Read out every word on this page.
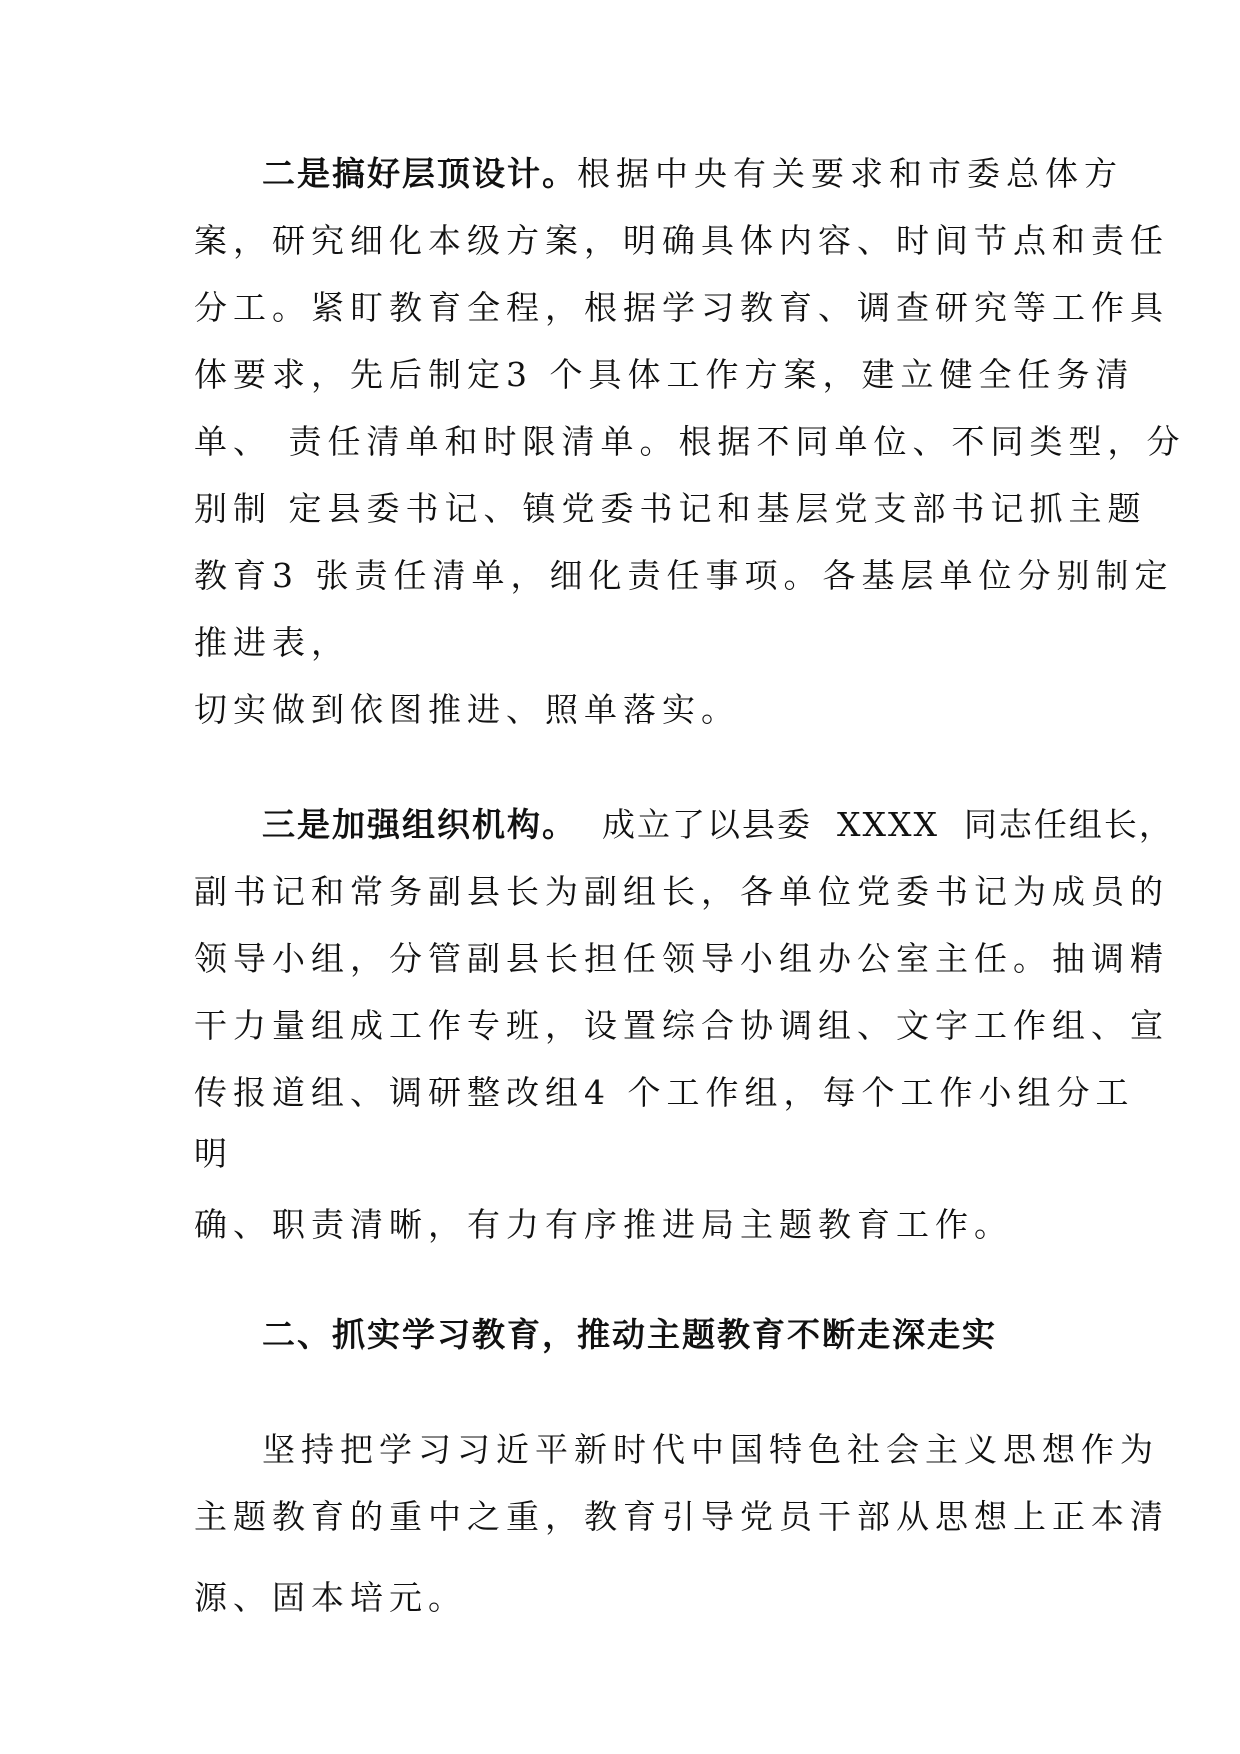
二是搞好层顶设计。根据中央有关要求和市委总体方
案，研究细化本级方案，明确具体内容、时间节点和责任
分工。紧盯教育全程，根据学习教育、调查研究等工作具
体要求，先后制定3 个具体工作方案，建立健全任务清
单、 责任清单和时限清单。根据不同单位、不同类型，分
别制 定县委书记、镇党委书记和基层党支部书记抓主题
教育3 张责任清单，细化责任事项。各基层单位分别制定
推进表，
切实做到依图推进、照单落实。
三是加强组织机构。  成立了以县委  XXXX  同志任组长，
副书记和常务副县长为副组长，各单位党委书记为成员的
领导小组，分管副县长担任领导小组办公室主任。抽调精
干力量组成工作专班，设置综合协调组、文字工作组、宣
传报道组、调研整改组4 个工作组，每个工作小组分工
明
确、职责清晰，有力有序推进局主题教育工作。
二、抓实学习教育，推动主题教育不断走深走实
坚持把学习习近平新时代中国特色社会主义思想作为
主题教育的重中之重，教育引导党员干部从思想上正本清
源、固本培元。
